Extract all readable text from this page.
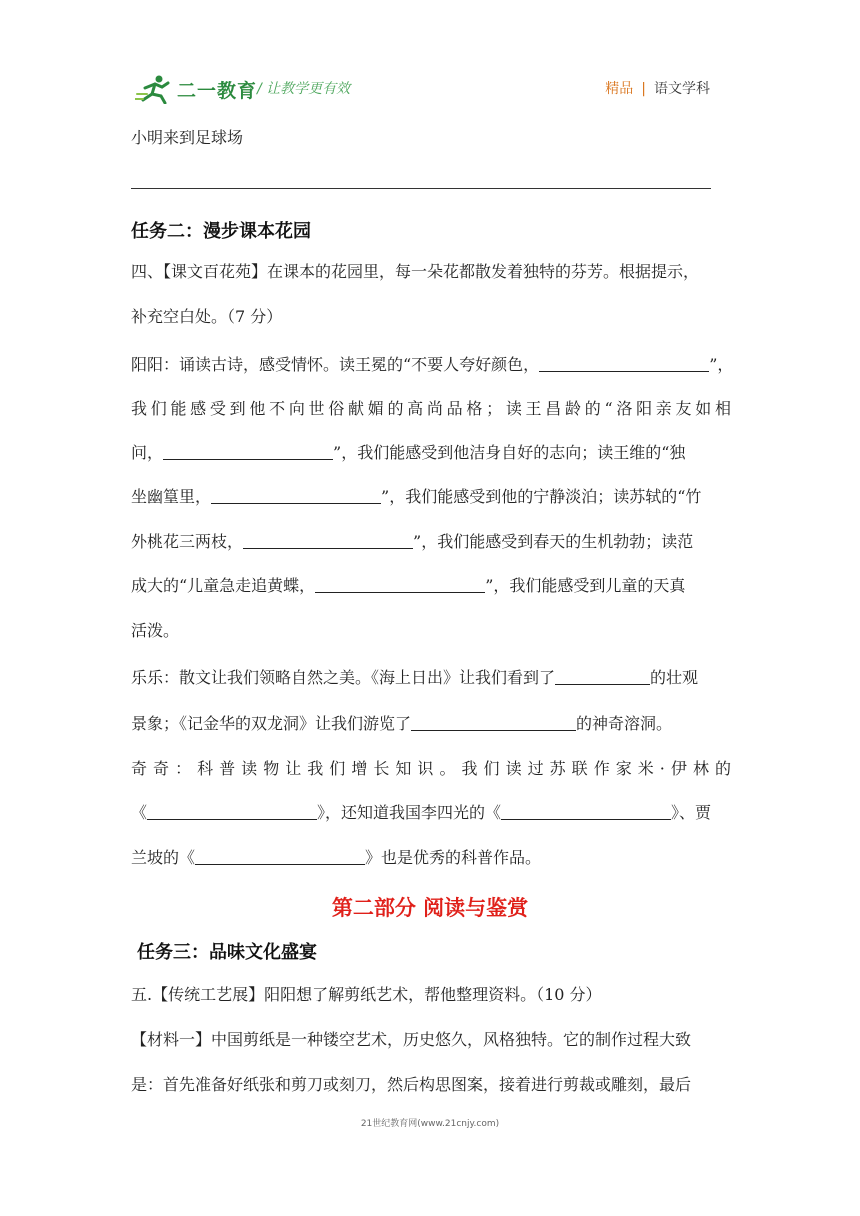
二一教育 / 让教学更有效	精品 | 语文学科
小明来到足球场
任务二：漫步课本花园
四、【课文百花苑】在课本的花园里，每一朵花都散发着独特的芬芳。根据提示，
补充空白处。（7 分）
阳阳：诵读古诗，感受情怀。读王冕的“不要人夸好颜色，	”，
我们能感受到他不向世俗献媚的高尚品格；读王昌龄的“洛阳亲友如相
问，	”，我们能感受到他洁身自好的志向；读王维的“独
坐幽篁里，	”，我们能感受到他的宁静淡泊；读苏轼的“竹
外桃花三两枝，	”，我们能感受到春天的生机勃勃；读范
成大的“儿童急走追黄蝶，	”，我们能感受到儿童的天真
活泼。
乐乐：散文让我们领略自然之美。《海上日出》让我们看到了	的壮观
景象；《记金华的双龙洞》让我们游览了	的神奇溶洞。
奇奇：科普读物让我们增长知识。我们读过苏联作家米·伊林的
《	》，还知道我国李四光的《	》、贾
兰坡的《	》也是优秀的科普作品。
第二部分 阅读与鉴赏
任务三：品味文化盛宴
五.【传统工艺展】阳阳想了解剪纸艺术，帮他整理资料。（10 分）
【材料一】中国剪纸是一种镂空艺术，历史悠久，风格独特。它的制作过程大致
是：首先准备好纸张和剪刀或刻刀，然后构思图案，接着进行剪裁或雕刻，最后
21世纪教育网(www.21cnjy.com)
